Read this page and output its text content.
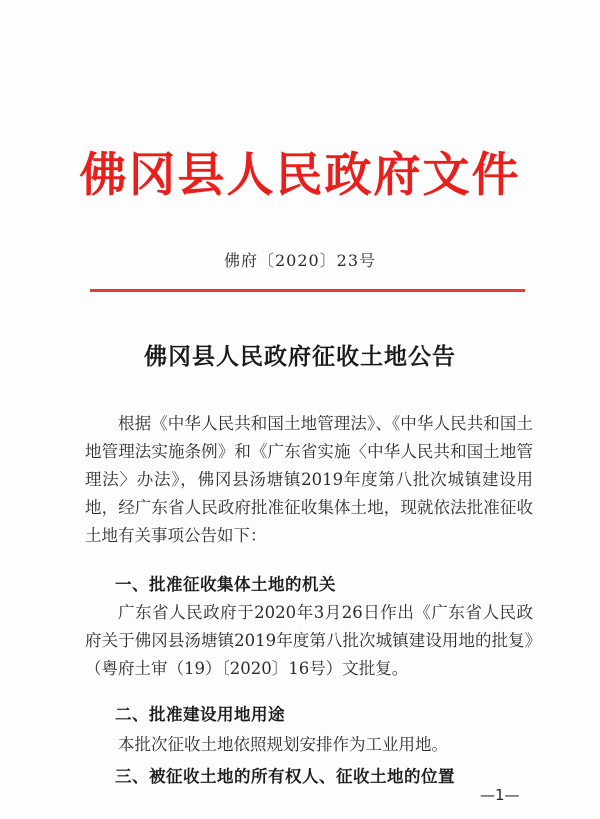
佛冈县人民政府文件
佛府〔2020〕23号
佛冈县人民政府征收土地公告
根据《中华人民共和国土地管理法》、《中华人民共和国土地管理法实施条例》和《广东省实施〈中华人民共和国土地管理法〉办法》，佛冈县汤塘镇2019年度第八批次城镇建设用地，经广东省人民政府批准征收集体土地，现就依法批准征收土地有关事项公告如下：
一、批准征收集体土地的机关
广东省人民政府于2020年3月26日作出《广东省人民政府关于佛冈县汤塘镇2019年度第八批次城镇建设用地的批复》（粤府土审（19）〔2020〕16号）文批复。
二、批准建设用地用途
本批次征收土地依照规划安排作为工业用地。
三、被征收土地的所有权人、征收土地的位置
—1—
